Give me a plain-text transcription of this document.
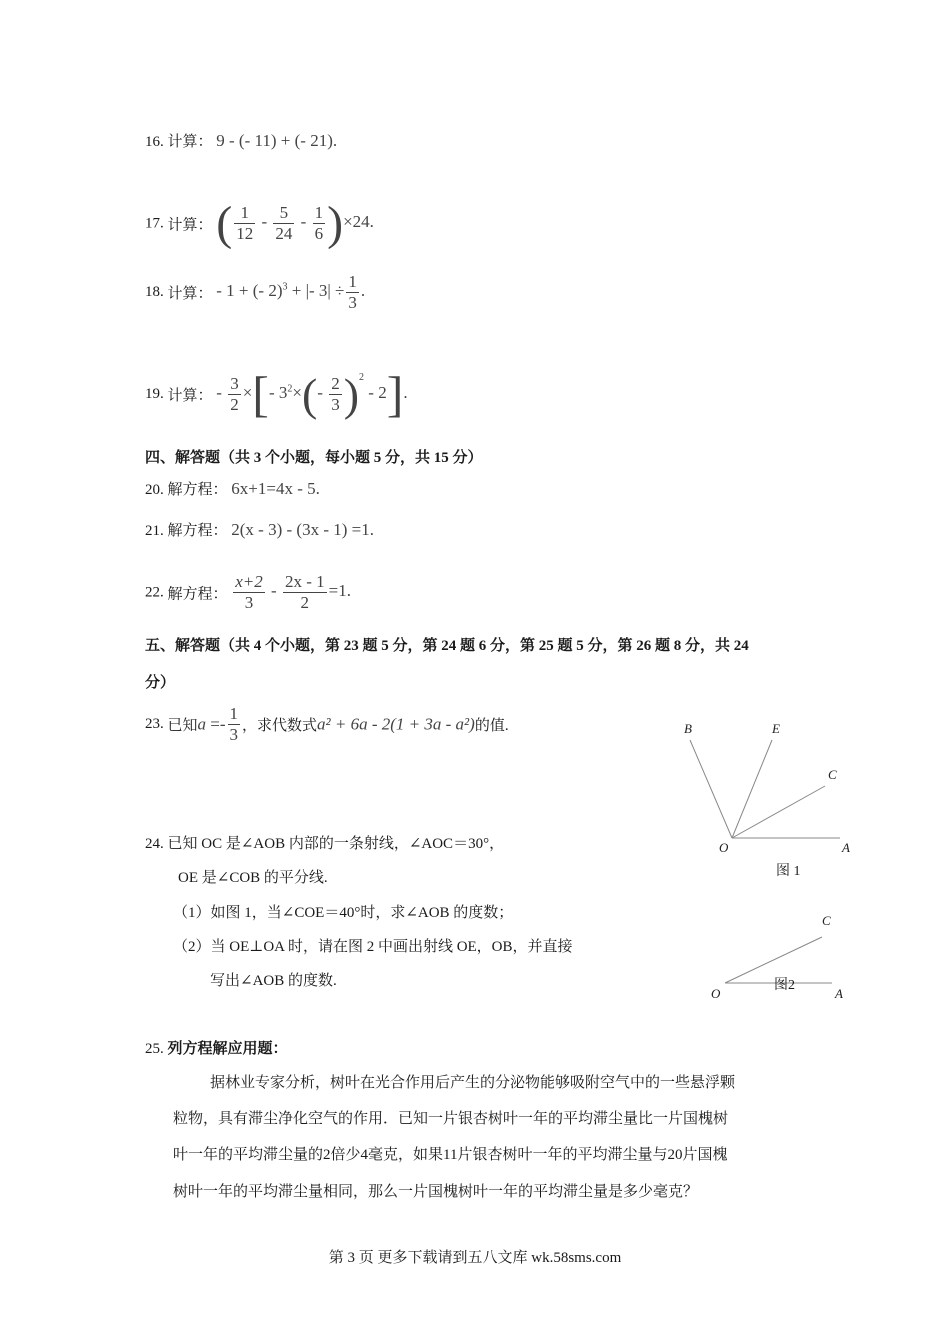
16. 计算： 9 - (- 11) + (- 21).
17. 计算： ( $\frac{1}{12} - \frac{5}{24} - \frac{1}{6} )\times 24$.
18. 计算： - 1 + (- 2)$^3$ + |- $3| \div \frac{1}{3}$ .
19. 计算： - $\frac{3}{2}$ ×[- $3^2\times(- \frac{2}{3} )^2 - 2$].
四、解答题（共 3 个小题，每小题 5 分，共 15 分）
20. 解方程： 6x+1=4x - 5.
21. 解方程： 2(x - 3) - (3x - 1) =1.
22. 解方程： $\frac{x+2}{3} - \frac{2x - 1}{2} =1$.
五、解答题（共 4 个小题，第 23 题 5 分，第 24 题 6 分，第 25 题 5 分，第 26 题 8 分，共 24
分）
23. 已知$a =- \frac{1}{3}$ ，求代数式a² + 6a - 2(1 + 3a - a²)的值.
24. 已知 OC 是∠AOB 内部的一条射线，∠AOC＝30°，
OE 是∠COB 的平分线.
（1）如图 1，当∠COE＝40°时，求∠AOB 的度数；
（2）当 OE⊥OA 时，请在图 2 中画出射线 OE，OB，并直接
写出∠AOB 的度数.
B	E
C
O	A
图 1
C
O	A
图2
25. 列方程解应用题：
据林业专家分析，树叶在光合作用后产生的分泌物能够吸附空气中的一些悬浮颗
粒物，具有滞尘净化空气的作用．已知一片银杏树叶一年的平均滞尘量比一片国槐树
叶一年的平均滞尘量的2倍少4毫克，如果11片银杏树叶一年的平均滞尘量与20片国槐
树叶一年的平均滞尘量相同，那么一片国槐树叶一年的平均滞尘量是多少毫克？
第 3 页 更多下载请到五八文库 wk.58sms.com
